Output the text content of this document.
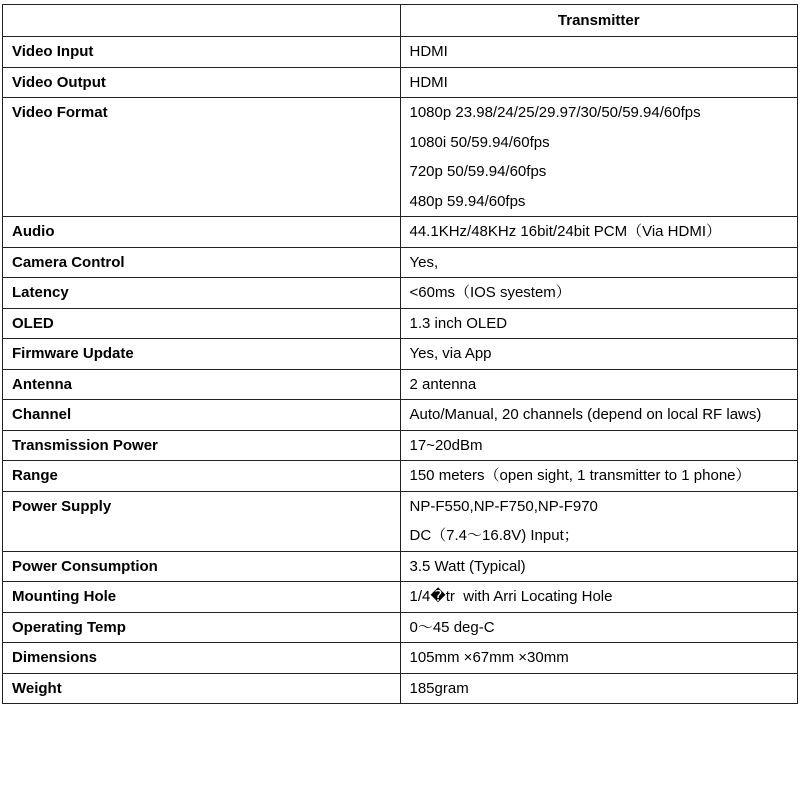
	Transmitter

Video Input	HDMI

Video Output	HDMI

Video Format	1080p 23.98/24/25/29.97/30/50/59.94/60fps
1080i 50/59.94/60fps
720p 50/59.94/60fps
480p 59.94/60fps

Audio	44.1KHz/48KHz 16bit/24bit PCM（Via HDMI）

Camera Control	Yes,

Latency	<60ms（IOS syestem）

OLED	1.3 inch OLED

Firmware Update	Yes, via App

Antenna	2 antenna

Channel	Auto/Manual, 20 channels (depend on local RF laws)

Transmission Power	17~20dBm

Range	150 meters（open sight, 1 transmitter to 1 phone）

Power Supply	NP-F550,NP-F750,NP-F970
DC（7.4～16.8V) Input；

Power Consumption	3.5 Watt (Typical)

Mounting Hole	1/4�tr  with Arri Locating Hole

Operating Temp	0～45 deg-C

Dimensions	105mm ×67mm ×30mm

Weight	185gram
